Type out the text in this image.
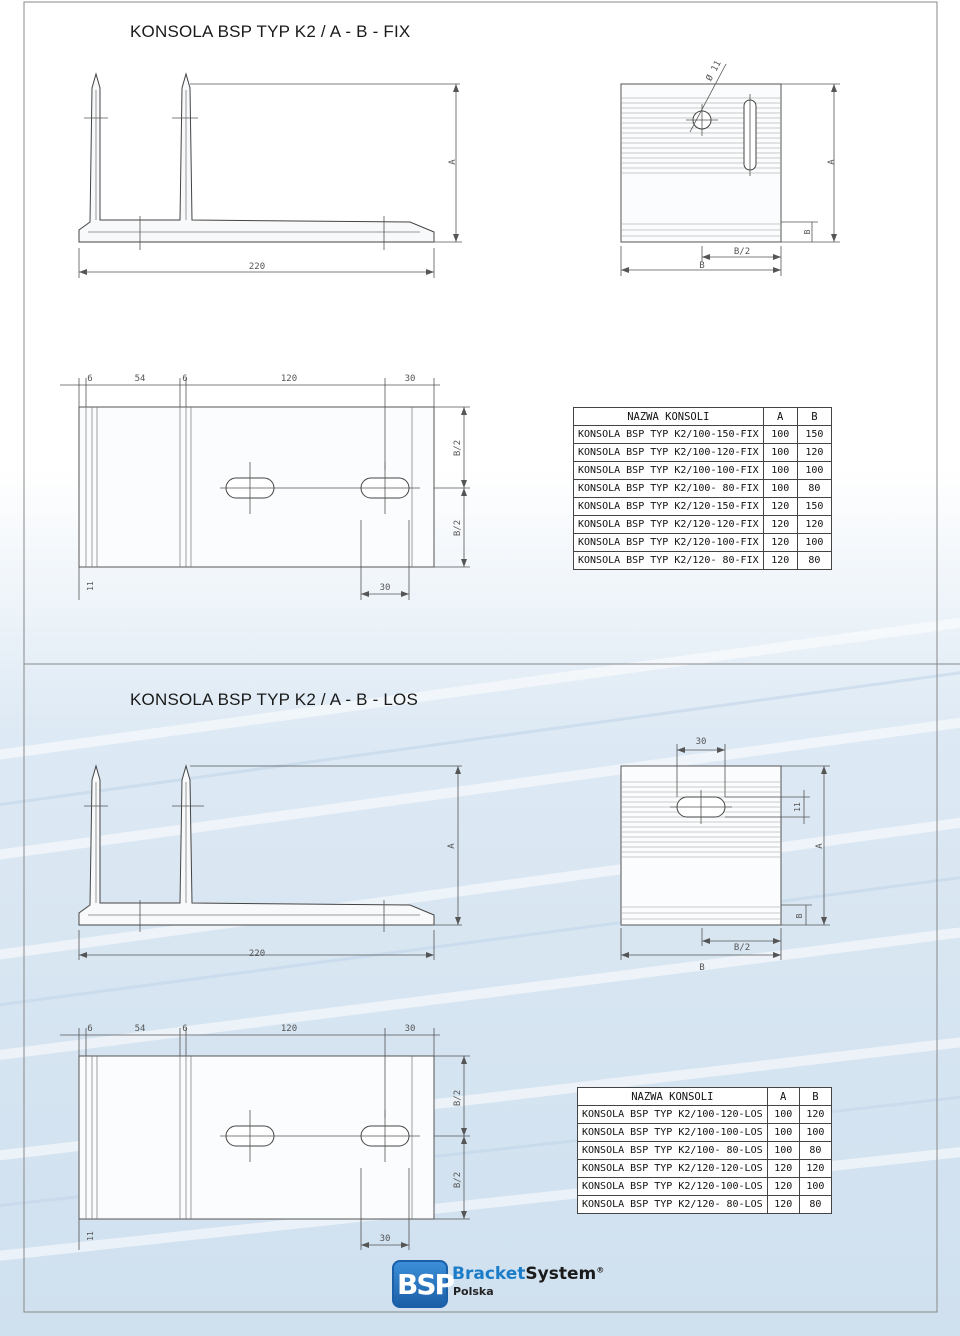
A
220
Ø 11
A
B
B/2
B
6	54	6	120	30
B/2
B/2
11	30
A
220
30
11
A
B
B/2
B
6	54	6	120	30
B/2
B/2
11	30
KONSOLA BSP TYP K2 / A - B - FIX
KONSOLA BSP TYP K2 / A - B - LOS
NAZWA KONSOLI	A	B
KONSOLA BSP TYP K2/100-150-FIX	100	150
KONSOLA BSP TYP K2/100-120-FIX	100	120
KONSOLA BSP TYP K2/100-100-FIX	100	100
KONSOLA BSP TYP K2/100- 80-FIX	100	80
KONSOLA BSP TYP K2/120-150-FIX	120	150
KONSOLA BSP TYP K2/120-120-FIX	120	120
KONSOLA BSP TYP K2/120-100-FIX	120	100
KONSOLA BSP TYP K2/120- 80-FIX	120	80
NAZWA KONSOLI	A	B
KONSOLA BSP TYP K2/100-120-LOS	100	120
KONSOLA BSP TYP K2/100-100-LOS	100	100
KONSOLA BSP TYP K2/100- 80-LOS	100	80
KONSOLA BSP TYP K2/120-120-LOS	120	120
KONSOLA BSP TYP K2/120-100-LOS	120	100
KONSOLA BSP TYP K2/120- 80-LOS	120	80
BSP
BracketSystem®
Polska
